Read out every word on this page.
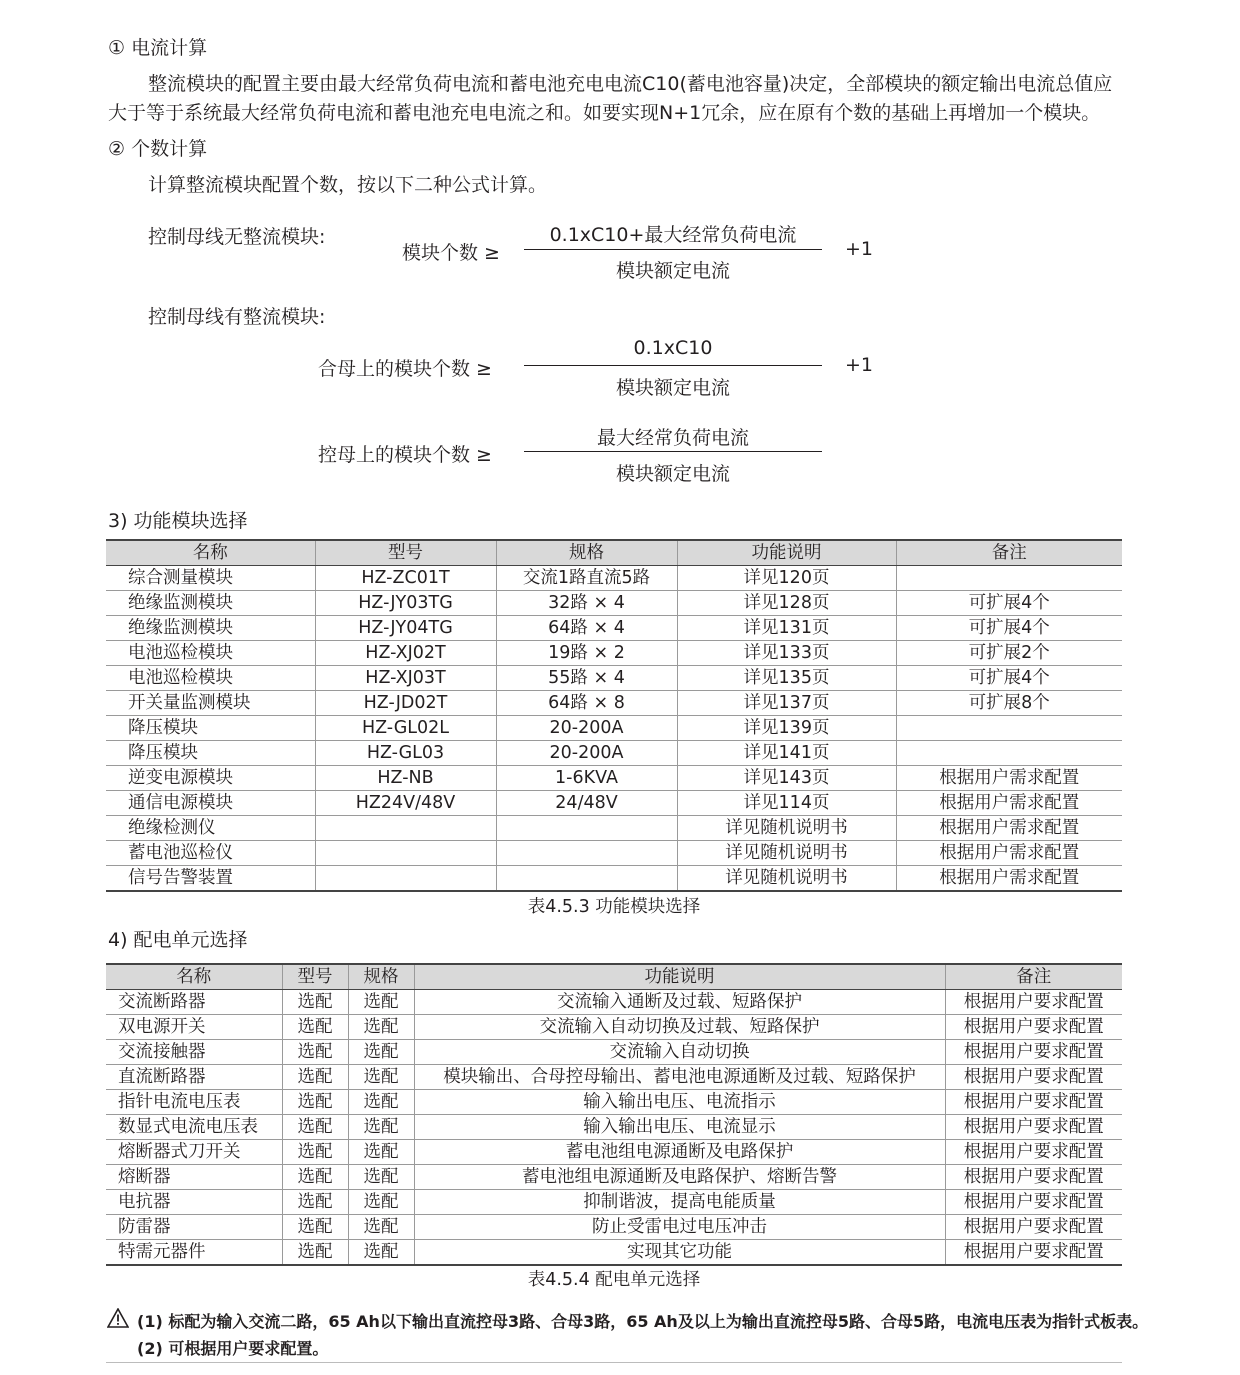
① 电流计算
整流模块的配置主要由最大经常负荷电流和蓄电池充电电流C10(蓄电池容量)决定，全部模块的额定输出电流总值应
大于等于系统最大经常负荷电流和蓄电池充电电流之和。如要实现N+1冗余，应在原有个数的基础上再增加一个模块。
② 个数计算
计算整流模块配置个数，按以下二种公式计算。
控制母线无整流模块:
模块个数 ≥
0.1xC10+最大经常负荷电流
模块额定电流
+1
控制母线有整流模块:
合母上的模块个数 ≥
0.1xC10
模块额定电流
+1
控母上的模块个数 ≥
最大经常负荷电流
模块额定电流
3) 功能模块选择
名称	型号	规格	功能说明	备注
综合测量模块	HZ-ZC01T	交流1路直流5路	详见120页	
绝缘监测模块	HZ-JY03TG	32路 × 4	详见128页	可扩展4个
绝缘监测模块	HZ-JY04TG	64路 × 4	详见131页	可扩展4个
电池巡检模块	HZ-XJ02T	19路 × 2	详见133页	可扩展2个
电池巡检模块	HZ-XJ03T	55路 × 4	详见135页	可扩展4个
开关量监测模块	HZ-JD02T	64路 × 8	详见137页	可扩展8个
降压模块	HZ-GL02L	20-200A	详见139页	
降压模块	HZ-GL03	20-200A	详见141页	
逆变电源模块	HZ-NB	1-6KVA	详见143页	根据用户需求配置
通信电源模块	HZ24V/48V	24/48V	详见114页	根据用户需求配置
绝缘检测仪			详见随机说明书	根据用户需求配置
蓄电池巡检仪			详见随机说明书	根据用户需求配置
信号告警装置			详见随机说明书	根据用户需求配置
表4.5.3 功能模块选择
4) 配电单元选择
名称	型号	规格	功能说明	备注
交流断路器	选配	选配	交流输入通断及过载、短路保护	根据用户要求配置
双电源开关	选配	选配	交流输入自动切换及过载、短路保护	根据用户要求配置
交流接触器	选配	选配	交流输入自动切换	根据用户要求配置
直流断路器	选配	选配	模块输出、合母控母输出、蓄电池电源通断及过载、短路保护	根据用户要求配置
指针电流电压表	选配	选配	输入输出电压、电流指示	根据用户要求配置
数显式电流电压表	选配	选配	输入输出电压、电流显示	根据用户要求配置
熔断器式刀开关	选配	选配	蓄电池组电源通断及电路保护	根据用户要求配置
熔断器	选配	选配	蓄电池组电源通断及电路保护、熔断告警	根据用户要求配置
电抗器	选配	选配	抑制谐波，提高电能质量	根据用户要求配置
防雷器	选配	选配	防止受雷电过电压冲击	根据用户要求配置
特需元器件	选配	选配	实现其它功能	根据用户要求配置
表4.5.4 配电单元选择
(1) 标配为输入交流二路，65 Ah以下输出直流控母3路、合母3路，65 Ah及以上为输出直流控母5路、合母5路，电流电压表为指针式板表。
(2) 可根据用户要求配置。
